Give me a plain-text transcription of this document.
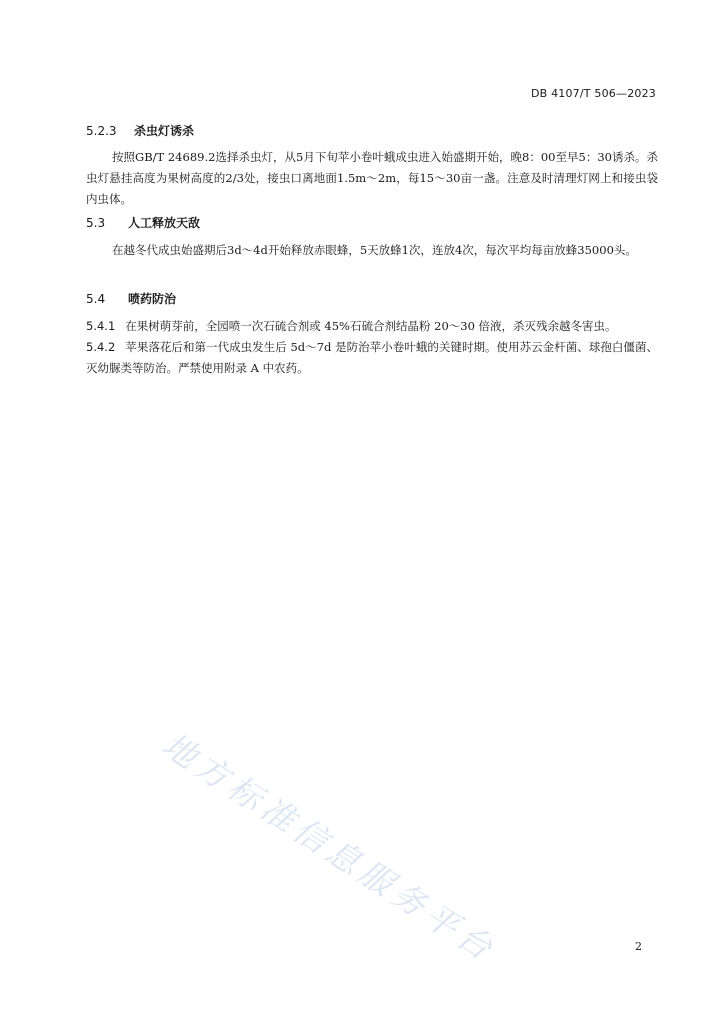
DB 4107/T 506—2023
5.2.3 杀虫灯诱杀
按照GB/T 24689.2选择杀虫灯，从5月下旬苹小卷叶蛾成虫进入始盛期开始，晚8：00至早5：30诱杀。杀虫灯悬挂高度为果树高度的2/3处，接虫口离地面1.5m～2m，每15～30亩一盏。注意及时清理灯网上和接虫袋内虫体。
5.3 人工释放天敌
在越冬代成虫始盛期后3d～4d开始释放赤眼蜂，5天放蜂1次，连放4次，每次平均每亩放蜂35000头。
5.4 喷药防治
5.4.1 在果树萌芽前，全园喷一次石硫合剂或 45%石硫合剂结晶粉 20～30 倍液，杀灭残余越冬害虫。
5.4.2 苹果落花后和第一代成虫发生后 5d～7d 是防治苹小卷叶蛾的关键时期。使用苏云金杆菌、球孢白僵菌、灭幼脲类等防治。严禁使用附录 A 中农药。
地方标准信息服务平台	2
